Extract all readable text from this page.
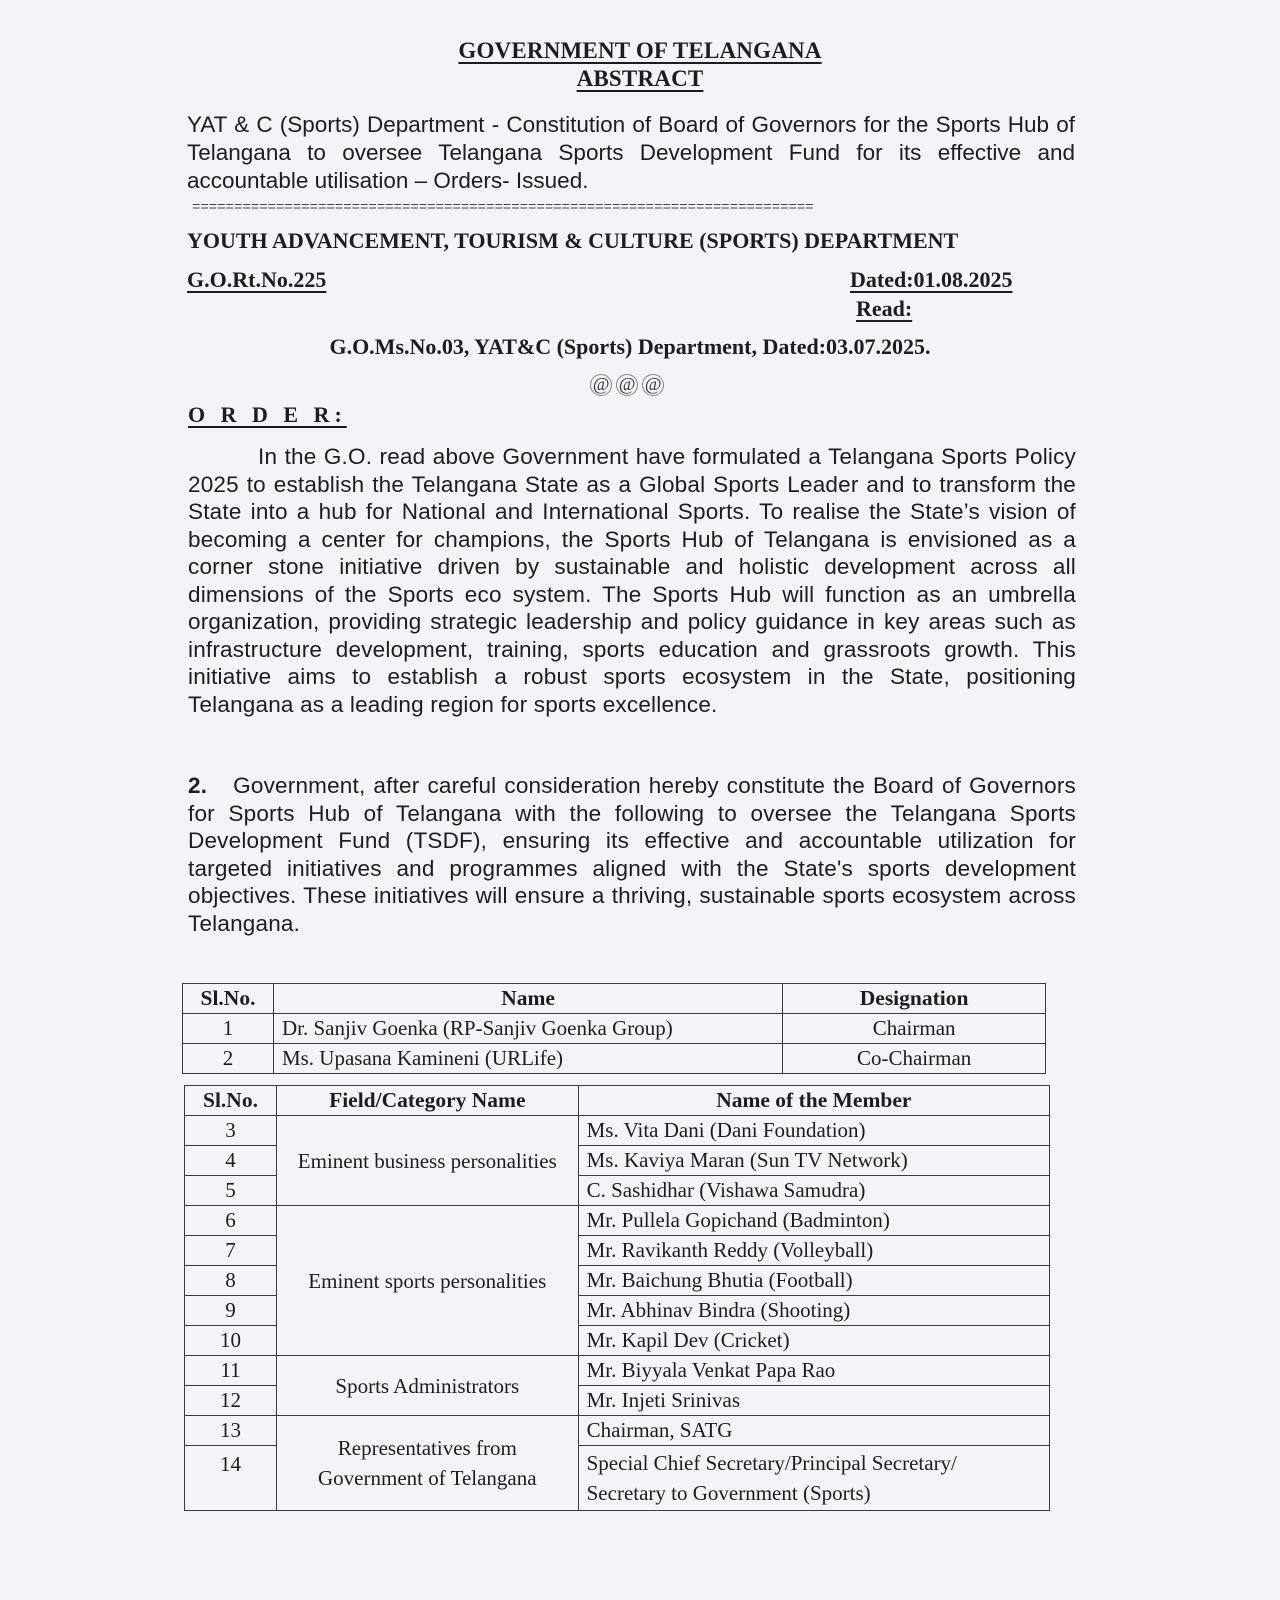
GOVERNMENT OF TELANGANA
ABSTRACT
YAT & C (Sports) Department - Constitution of Board of Governors for the Sports Hub of Telangana to oversee Telangana Sports Development Fund for its effective and accountable utilisation – Orders- Issued.
==========================================================================
YOUTH ADVANCEMENT, TOURISM & CULTURE (SPORTS) DEPARTMENT
G.O.Rt.No.225	Dated:01.08.2025
Read:
G.O.Ms.No.03, YAT&C (Sports) Department, Dated:03.07.2025.
@ @ @
O R D E R:
In the G.O. read above Government have formulated a Telangana Sports Policy 2025 to establish the Telangana State as a Global Sports Leader and to transform the State into a hub for National and International Sports. To realise the State’s vision of becoming a center for champions, the Sports Hub of Telangana is envisioned as a corner stone initiative driven by sustainable and holistic development across all dimensions of the Sports eco system. The Sports Hub will function as an umbrella organization, providing strategic leadership and policy guidance in key areas such as infrastructure development, training, sports education and grassroots growth. This initiative aims to establish a robust sports ecosystem in the State, positioning Telangana as a leading region for sports excellence.
2. Government, after careful consideration hereby constitute the Board of Governors for Sports Hub of Telangana with the following to oversee the Telangana Sports Development Fund (TSDF), ensuring its effective and accountable utilization for targeted initiatives and programmes aligned with the State's sports development objectives. These initiatives will ensure a thriving, sustainable sports ecosystem across Telangana.
Sl.No.	Name	Designation
1	Dr. Sanjiv Goenka (RP-Sanjiv Goenka Group)	Chairman
2	Ms. Upasana Kamineni (URLife)	Co-Chairman
Sl.No.	Field/Category Name	Name of the Member
3	Eminent business personalities	Ms. Vita Dani (Dani Foundation)
4		Ms. Kaviya Maran (Sun TV Network)
5		C. Sashidhar (Vishawa Samudra)
6	Eminent sports personalities	Mr. Pullela Gopichand (Badminton)
7		Mr. Ravikanth Reddy (Volleyball)
8		Mr. Baichung Bhutia (Football)
9		Mr. Abhinav Bindra (Shooting)
10		Mr. Kapil Dev (Cricket)
11	Sports Administrators	Mr. Biyyala Venkat Papa Rao
12		Mr. Injeti Srinivas
13	Representatives from Government of Telangana	Chairman, SATG
14		Special Chief Secretary/Principal Secretary/ Secretary to Government (Sports)
